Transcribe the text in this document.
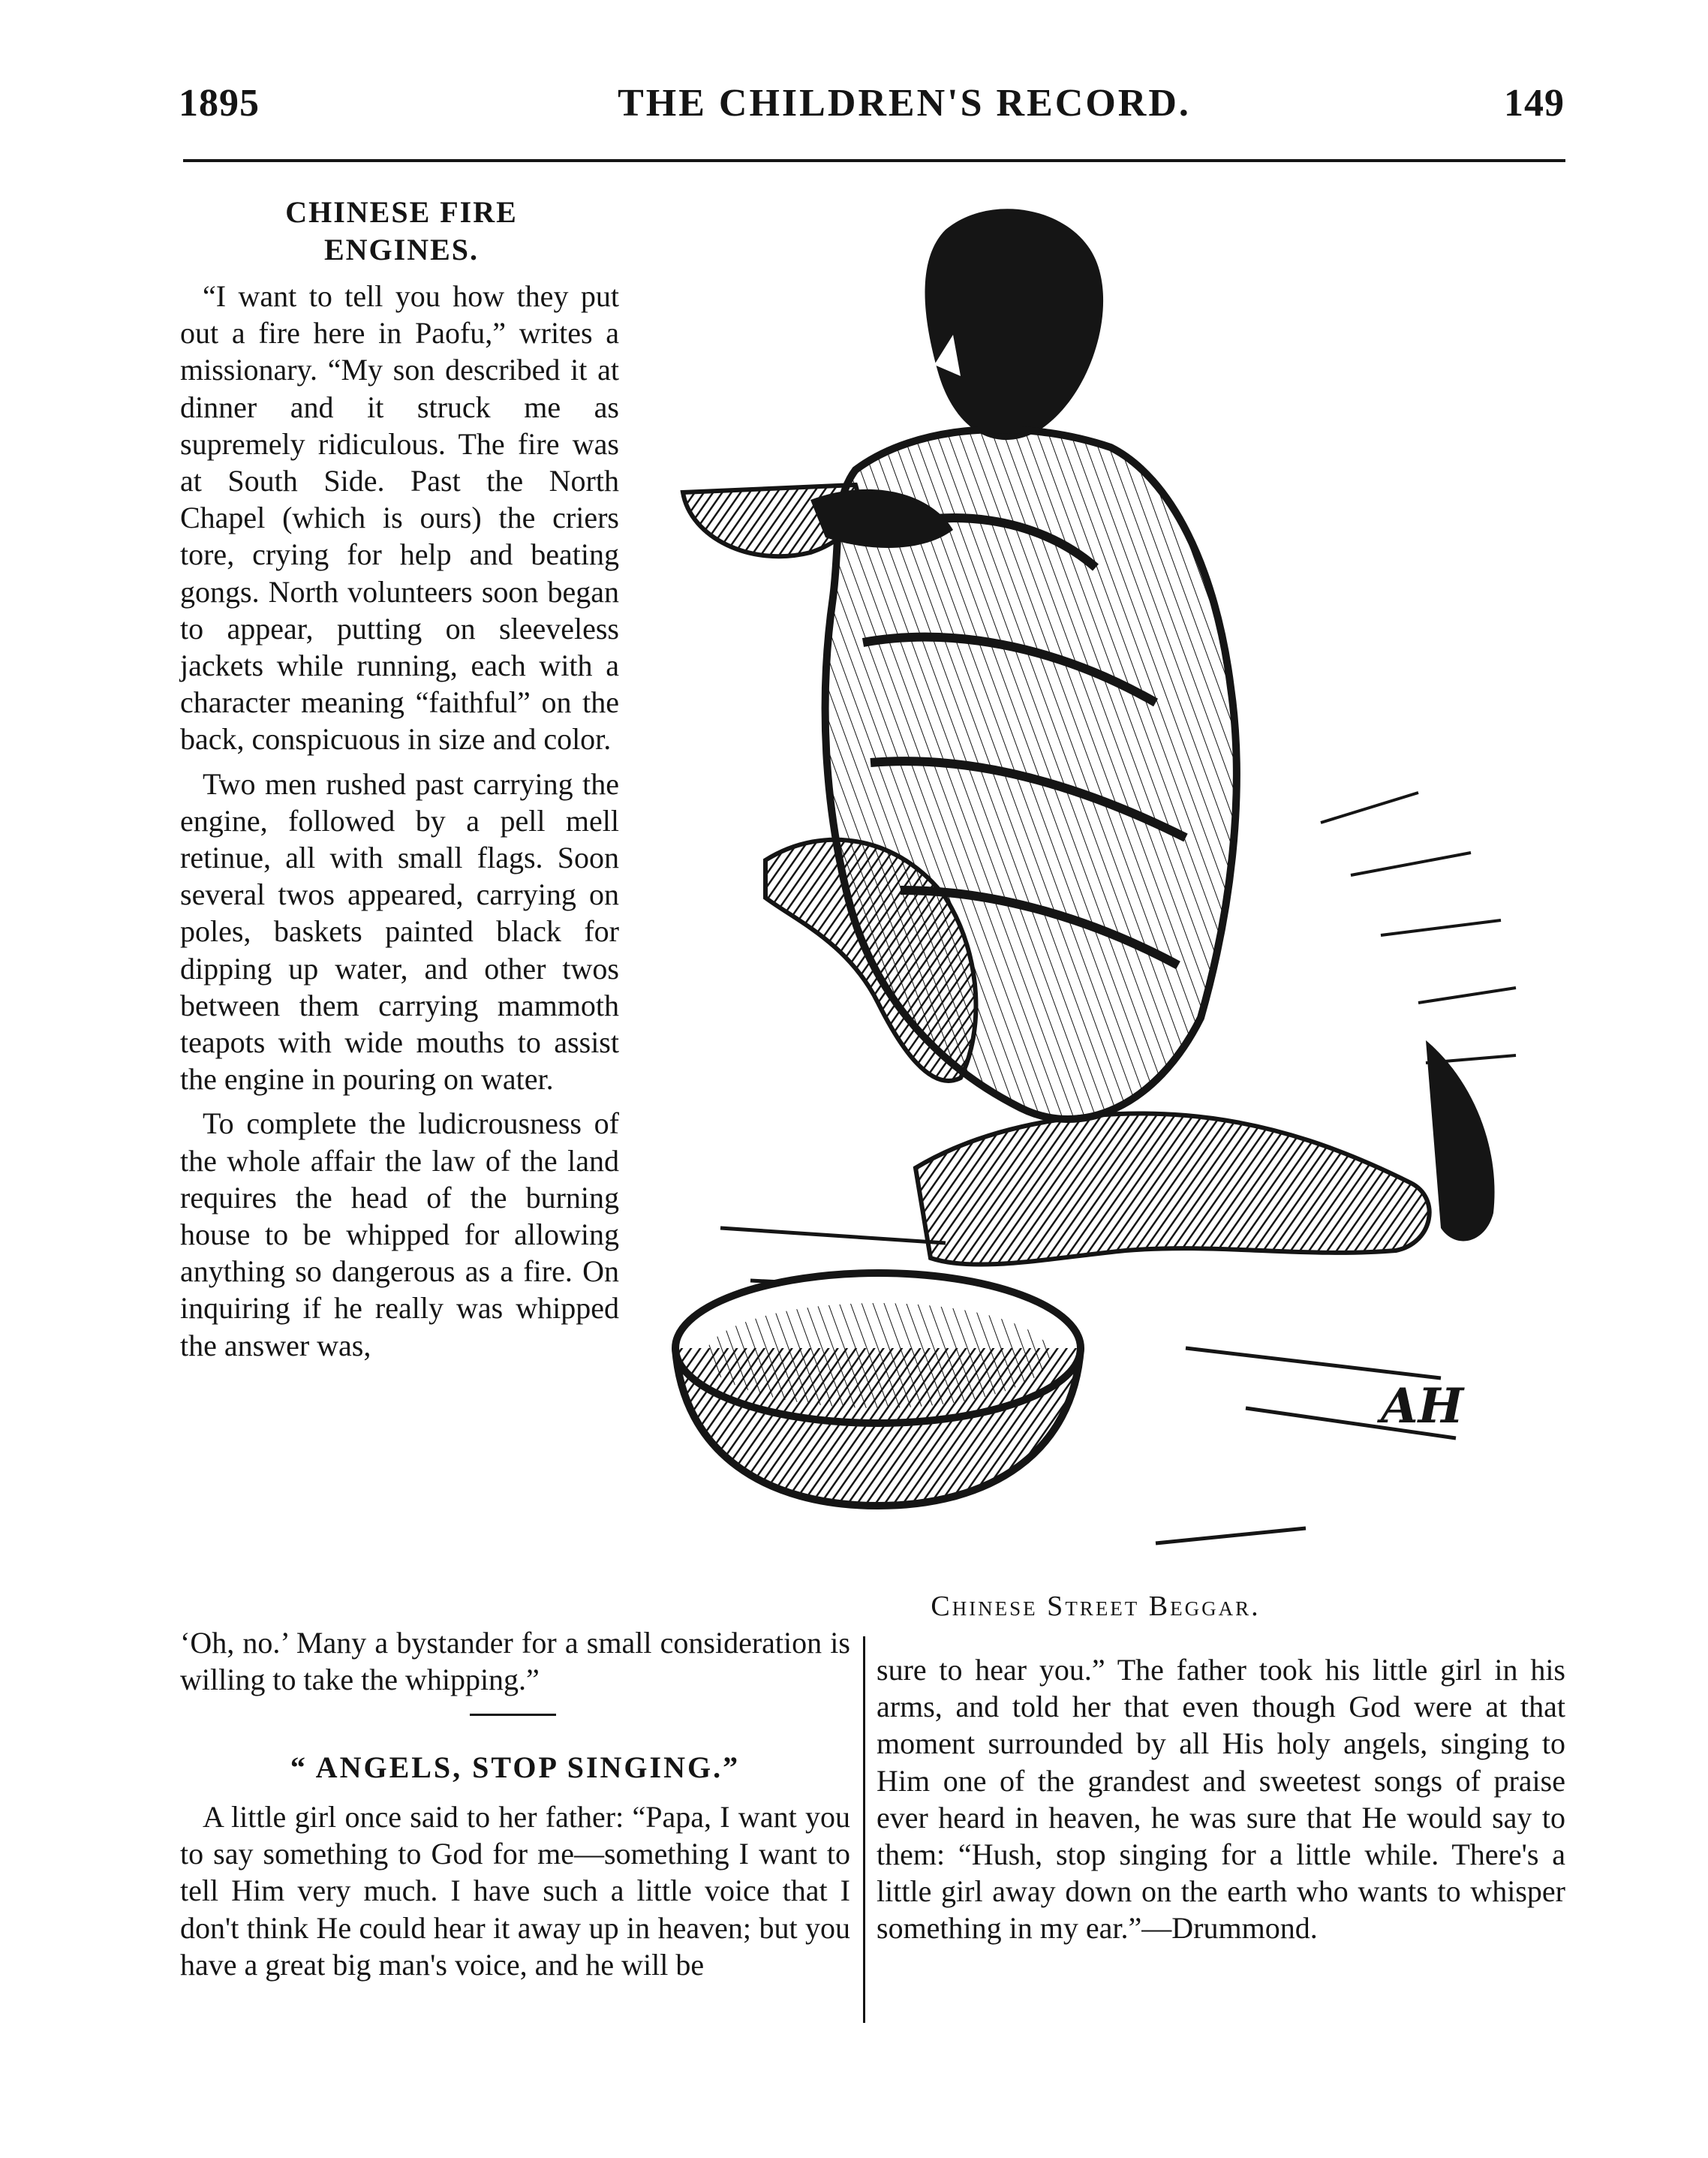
1895	THE CHILDREN'S RECORD.	149
CHINESE FIRE
ENGINES.

“I want to tell you how they put out a fire here in Paofu,” writes a missionary. “My son described it at dinner and it struck me as supremely ridiculous. The fire was at South Side. Past the North Chapel (which is ours) the criers tore, crying for help and beating gongs. North volunteers soon began to appear, putting on sleeveless jackets while running, each with a character meaning “faithful” on the back, conspicuous in size and color.

Two men rushed past carrying the engine, followed by a pell mell retinue, all with small flags. Soon several twos appeared, carrying on poles, baskets painted black for dipping up water, and other twos between them carrying mammoth teapots with wide mouths to assist the engine in pouring on water.

To complete the ludicrousness of the whole affair the law of the land requires the head of the burning house to be whipped for allowing anything so dangerous as a fire. On inquiring if he really was whipped the answer was,

‘Oh, no.’ Many a bystander for a small consideration is willing to take the whipping.”

AH
Chinese Street Beggar.
“ ANGELS, STOP SINGING.”

A little girl once said to her father: “Papa, I want you to say something to God for me—something I want to tell Him very much. I have such a little voice that I don't think He could hear it away up in heaven; but you have a great big man's voice, and he will be

sure to hear you.” The father took his little girl in his arms, and told her that even though God were at that moment surrounded by all His holy angels, singing to Him one of the grandest and sweetest songs of praise ever heard in heaven, he was sure that He would say to them: “Hush, stop singing for a little while. There's a little girl away down on the earth who wants to whisper something in my ear.”—Drummond.
